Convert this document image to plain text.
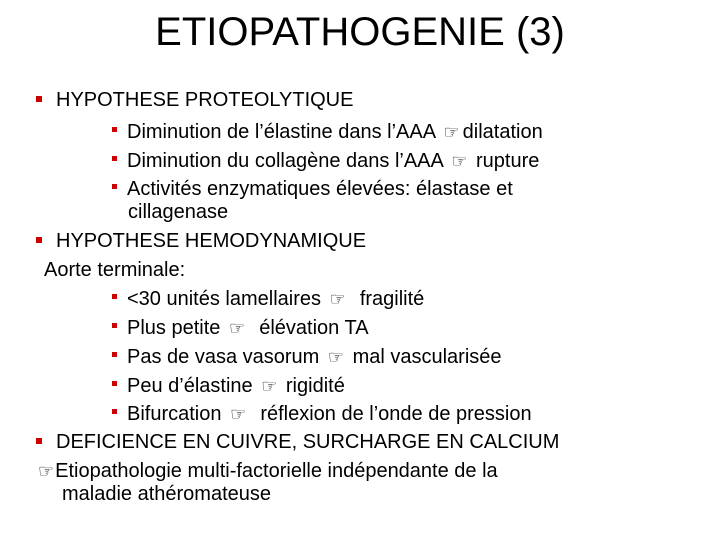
ETIOPATHOGENIE (3)
HYPOTHESE PROTEOLYTIQUE
Diminution de l’élastine dans l’AAA ☞ dilatation
Diminution du collagène dans l’AAA ☞ rupture
Activités enzymatiques élevées: élastase et
cillagenase
HYPOTHESE HEMODYNAMIQUE
Aorte terminale:
<30 unités lamellaires ☞  fragilité
Plus petite ☞  élévation TA
Pas de vasa vasorum ☞ mal vascularisée
Peu d’élastine ☞ rigidité
Bifurcation ☞  réflexion de l’onde de pression
DEFICIENCE EN CUIVRE, SURCHARGE EN CALCIUM
☞Etiopathologie multi-factorielle indépendante de la
maladie athéromateuse
